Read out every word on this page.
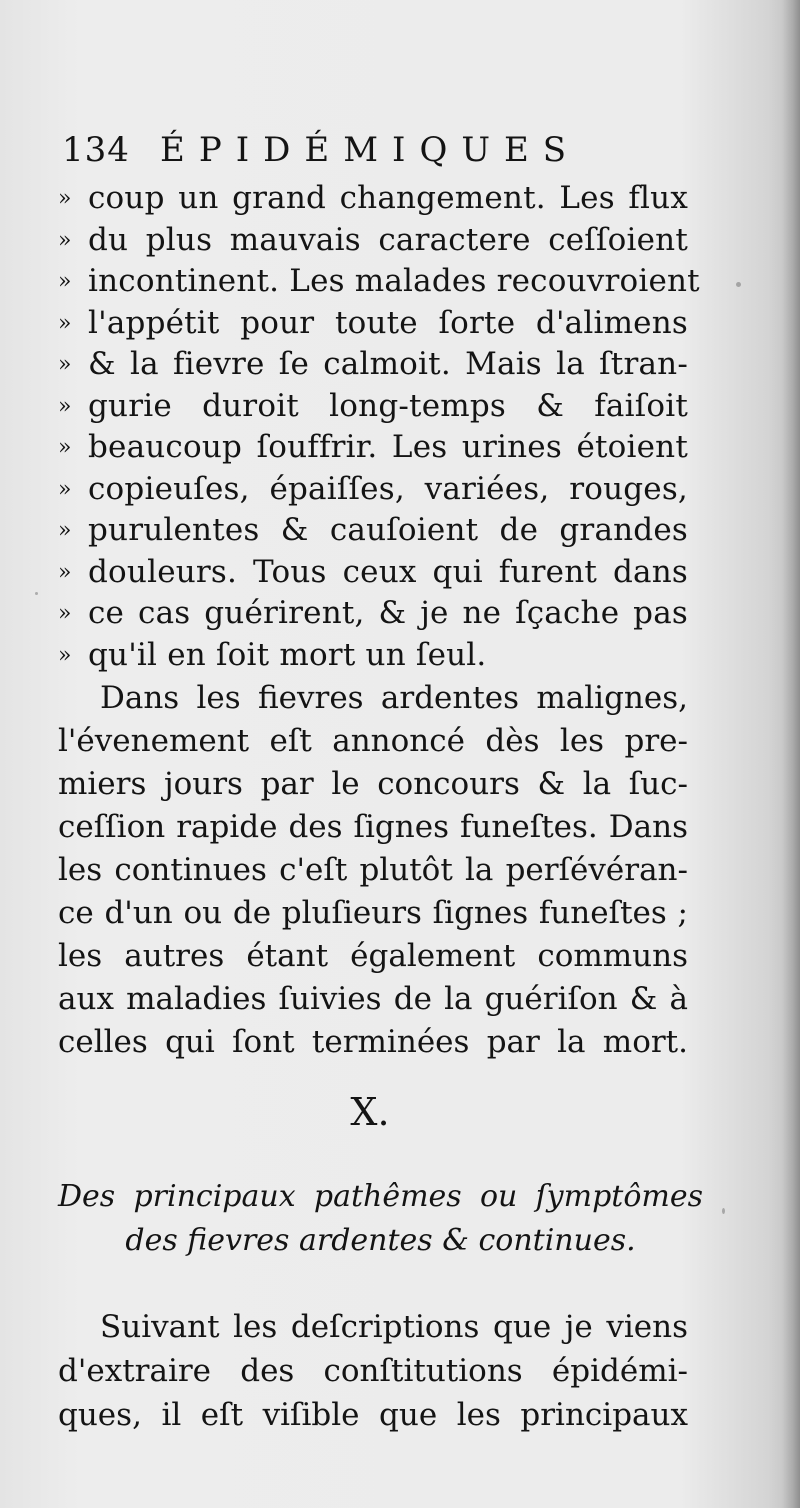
134 ÉPIDÉMIQUES
» coup un grand changement. Les flux
» du plus mauvais caractere ceſſoient
» incontinent. Les malades recouvroient
» l'appétit pour toute ſorte d'alimens
» & la fievre ſe calmoit. Mais la ſtran-
» gurie duroit long-temps & faiſoit
» beaucoup ſouffrir. Les urines étoient
» copieuſes, épaiſſes, variées, rouges,
» purulentes & cauſoient de grandes
» douleurs. Tous ceux qui furent dans
» ce cas guérirent, & je ne ſçache pas
» qu'il en ſoit mort un ſeul.
Dans les fievres ardentes malignes,
l'évenement eſt annoncé dès les pre-
miers jours par le concours & la ſuc-
ceſſion rapide des ſignes funeſtes. Dans
les continues c'eſt plutôt la perſévéran-
ce d'un ou de pluſieurs ſignes funeſtes ;
les autres étant également communs
aux maladies ſuivies de la guériſon & à
celles qui ſont terminées par la mort.
X.
Des principaux pathêmes ou ſymptômes
des fievres ardentes & continues.
Suivant les deſcriptions que je viens
d'extraire des conſtitutions épidémi-
ques, il eſt viſible que les principaux
